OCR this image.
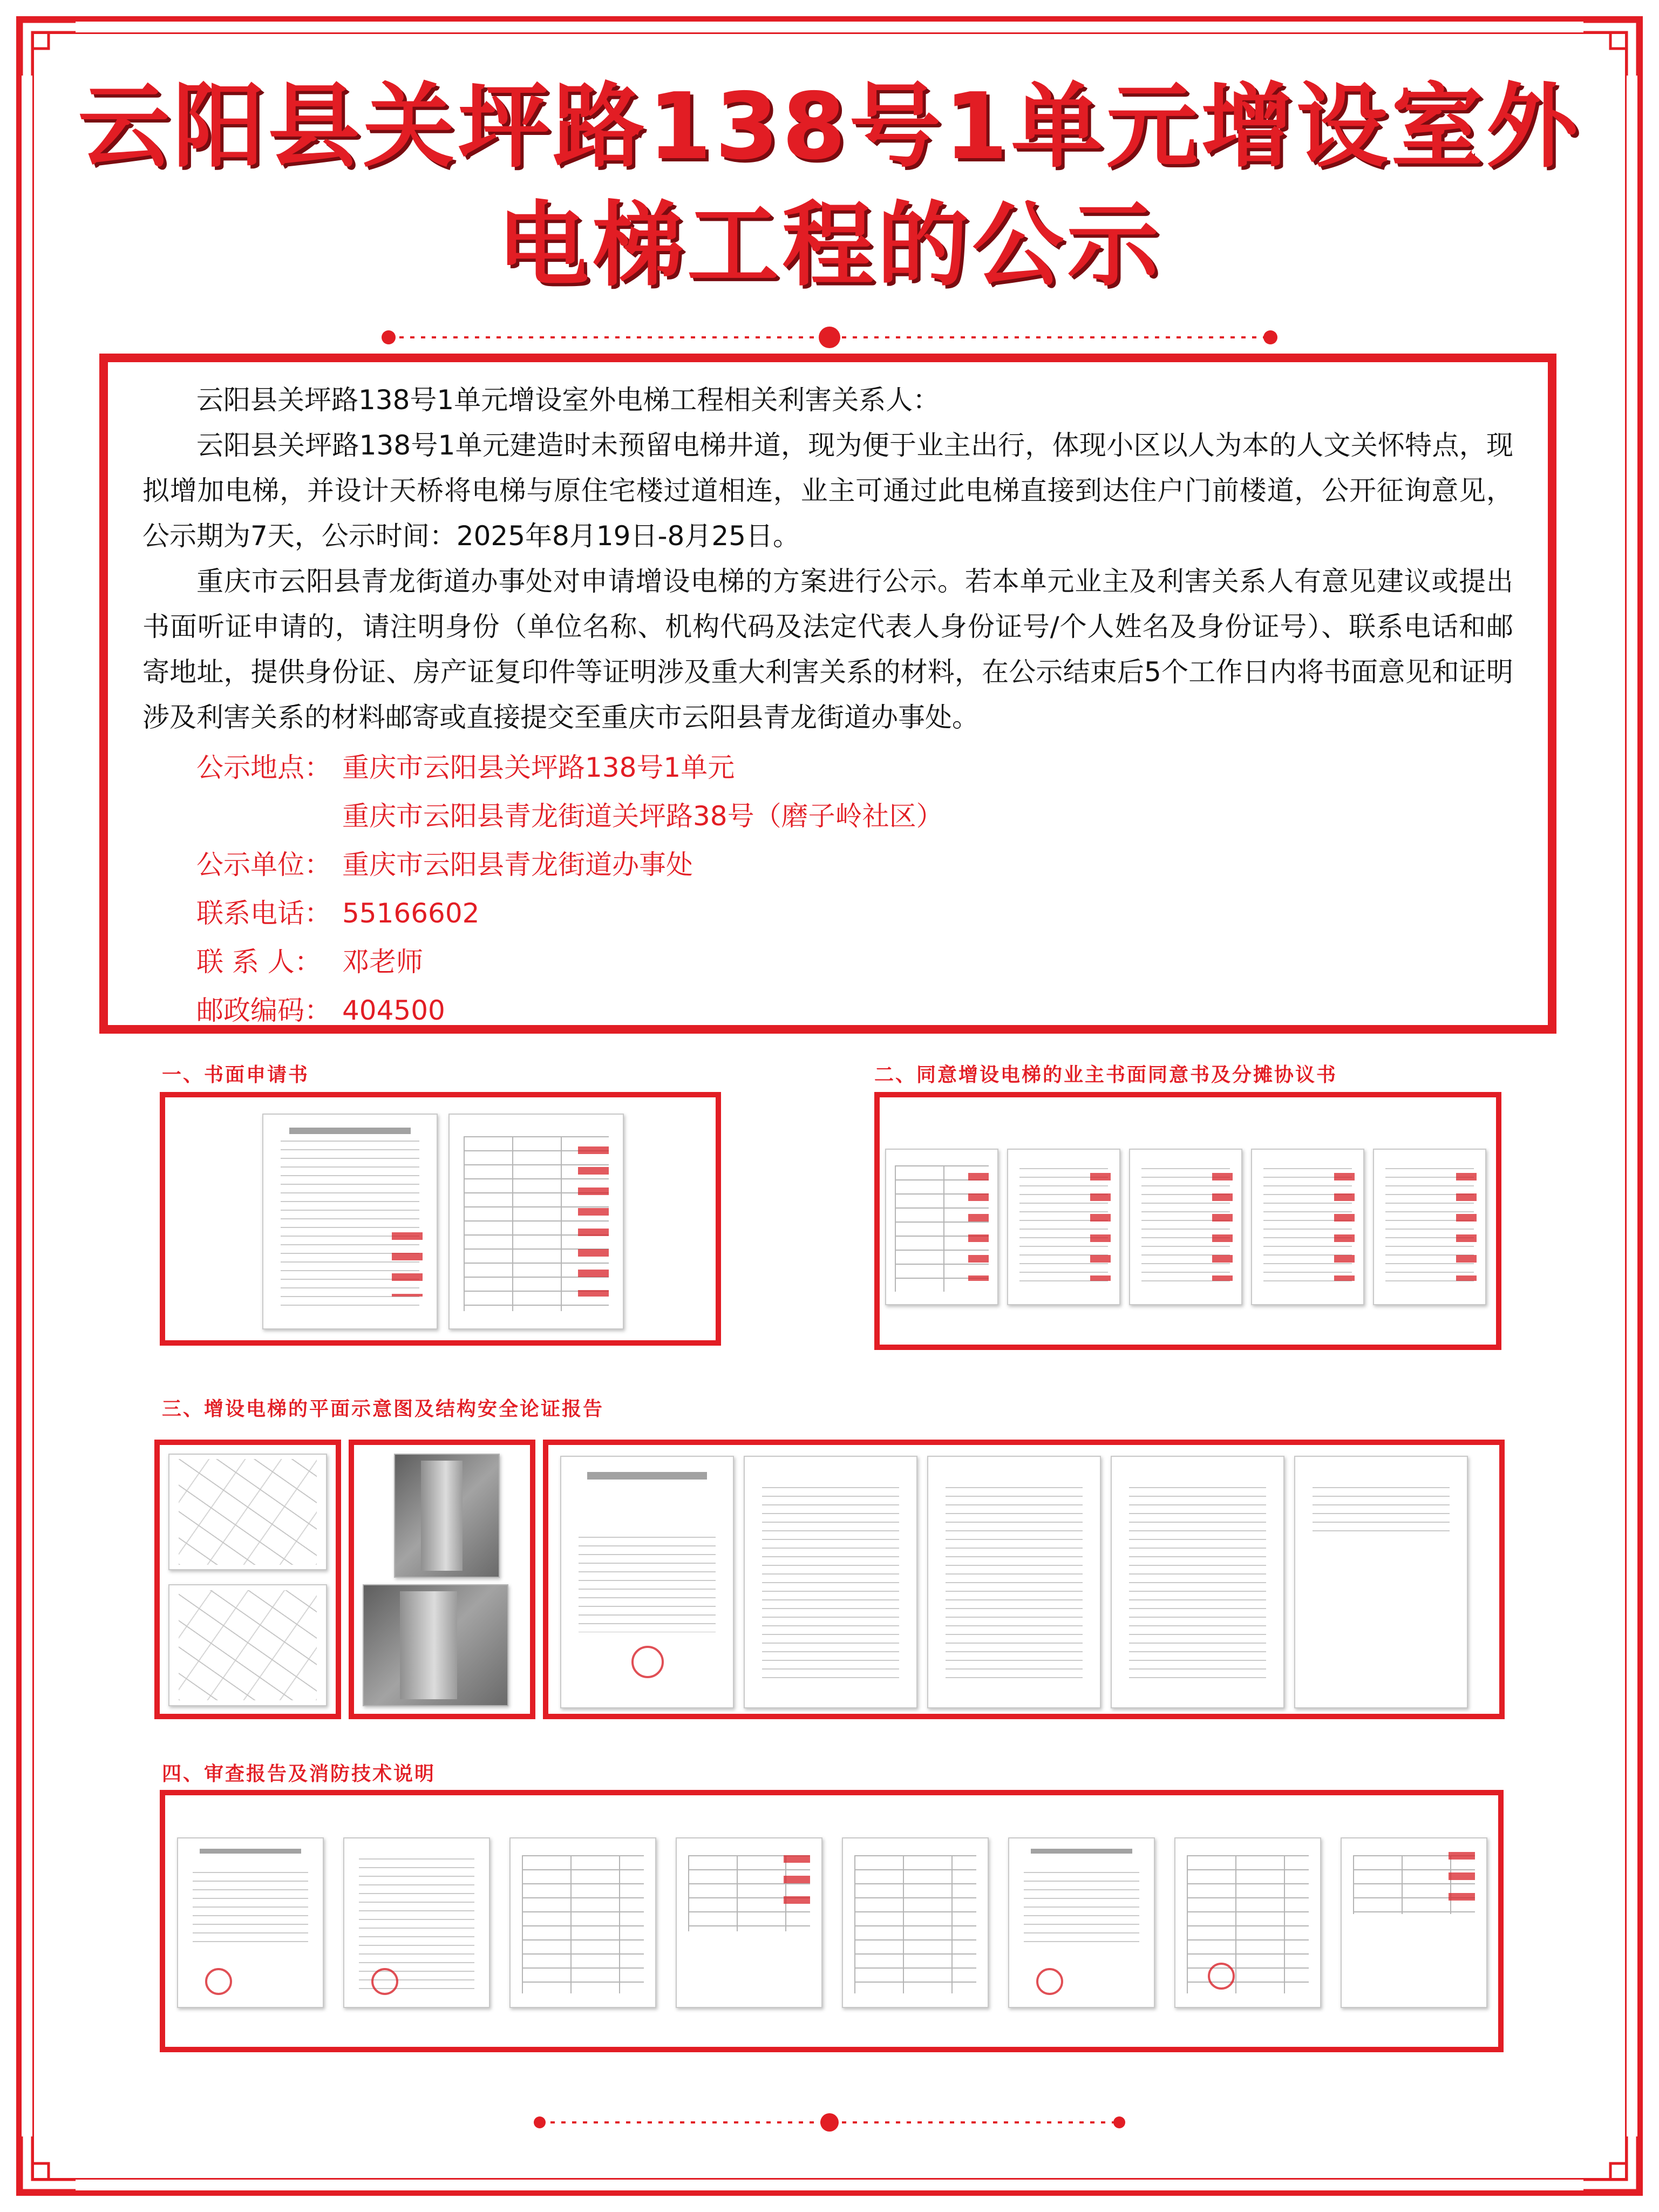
云阳县关坪路138号1单元增设室外
电梯工程的公示

云阳县关坪路138号1单元增设室外电梯工程相关利害关系人：

云阳县关坪路138号1单元建造时未预留电梯井道，现为便于业主出行，体现小区以人为本的人文关怀特点，现拟增加电梯，并设计天桥将电梯与原住宅楼过道相连，业主可通过此电梯直接到达住户门前楼道，公开征询意见，公示期为7天，公示时间：2025年8月19日-8月25日。

重庆市云阳县青龙街道办事处对申请增设电梯的方案进行公示。若本单元业主及利害关系人有意见建议或提出书面听证申请的，请注明身份（单位名称、机构代码及法定代表人身份证号/个人姓名及身份证号）、联系电话和邮寄地址，提供身份证、房产证复印件等证明涉及重大利害关系的材料，在公示结束后5个工作日内将书面意见和证明涉及利害关系的材料邮寄或直接提交至重庆市云阳县青龙街道办事处。

公示地点： 重庆市云阳县关坪路138号1单元
重庆市云阳县青龙街道关坪路38号（磨子岭社区）
公示单位： 重庆市云阳县青龙街道办事处
联系电话： 55166602
联 系 人： 邓老师
邮政编码： 404500
一、书面申请书	二、同意增设电梯的业主书面同意书及分摊协议书
三、增设电梯的平面示意图及结构安全论证报告
四、审查报告及消防技术说明
